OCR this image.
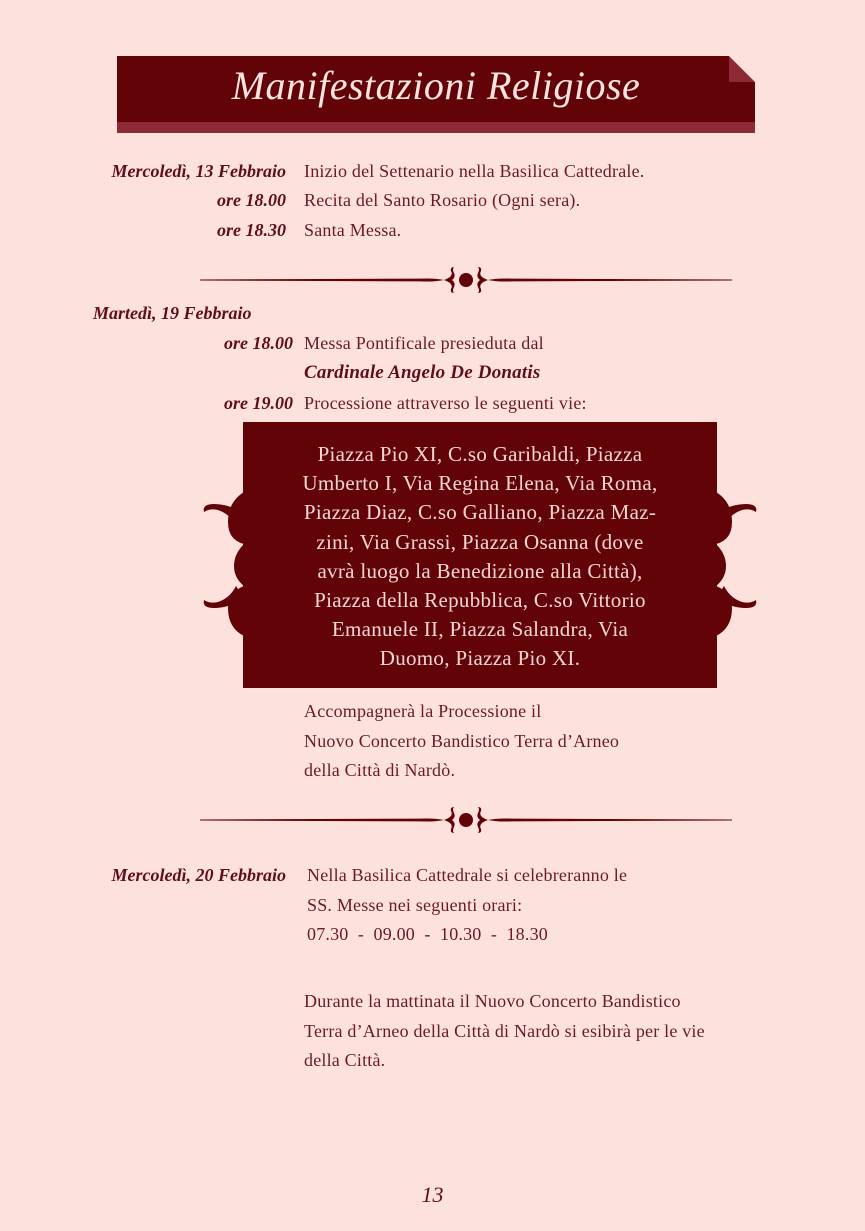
Manifestazioni Religiose
Mercoledì, 13 Febbraio Inizio del Settenario nella Basilica Cattedrale.
ore 18.00 Recita del Santo Rosario (Ogni sera).
ore 18.30 Santa Messa.
Martedì, 19 Febbraio
ore 18.00 Messa Pontificale presieduta dal
Cardinale Angelo De Donatis
ore 19.00 Processione attraverso le seguenti vie:
Piazza Pio XI, C.so Garibaldi, Piazza
Umberto I, Via Regina Elena, Via Roma,
Piazza Diaz, C.so Galliano, Piazza Maz-
zini, Via Grassi, Piazza Osanna (dove
avrà luogo la Benedizione alla Città),
Piazza della Repubblica, C.so Vittorio
Emanuele II, Piazza Salandra, Via
Duomo, Piazza Pio XI.
Accompagnerà la Processione il
Nuovo Concerto Bandistico Terra d’Arneo
della Città di Nardò.
Mercoledì, 20 Febbraio Nella Basilica Cattedrale si celebreranno le
SS. Messe nei seguenti orari:
07.30  -  09.00  -  10.30  -  18.30
Durante la mattinata il Nuovo Concerto Bandistico
Terra d’Arneo della Città di Nardò si esibirà per le vie
della Città.
13
